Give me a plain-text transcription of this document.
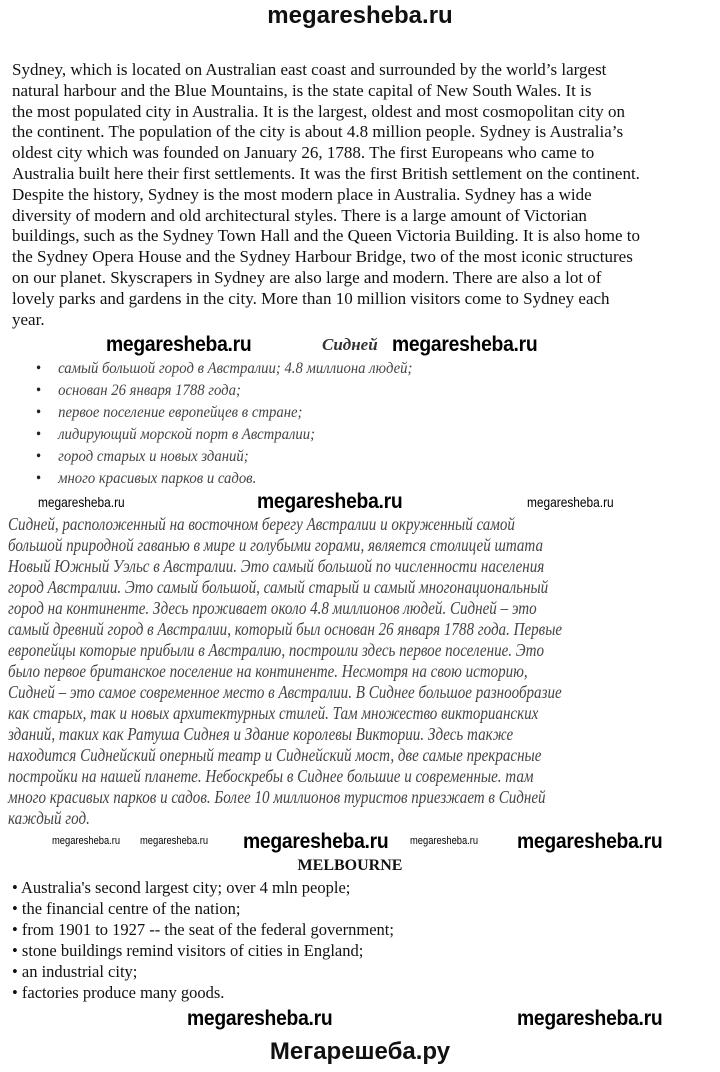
megaresheba.ru
Sydney, which is located on Australian east coast and surrounded by the world’s largest
natural harbour and the Blue Mountains, is the state capital of New South Wales. It is
the most populated city in Australia. It is the largest, oldest and most cosmopolitan city on
the continent. The population of the city is about 4.8 million people. Sydney is Australia’s
oldest city which was founded on January 26, 1788. The first Europeans who came to
Australia built here their first settlements. It was the first British settlement on the continent.
Despite the history, Sydney is the most modern place in Australia. Sydney has a wide
diversity of modern and old architectural styles. There is a large amount of Victorian
buildings, such as the Sydney Town Hall and the Queen Victoria Building. It is also home to
the Sydney Opera House and the Sydney Harbour Bridge, two of the most iconic structures
on our planet. Skyscrapers in Sydney are also large and modern. There are also a lot of
lovely parks and gardens in the city. More than 10 million visitors come to Sydney each
year.
megaresheba.ru	Сидней megaresheba.ru
• самый большой город в Австралии; 4.8 миллиона людей;
• основан 26 января 1788 года;
• первое поселение европейцев в стране;
• лидирующий морской порт в Австралии;
• город старых и новых зданий;
• много красивых парков и садов.
megaresheba.ru	megaresheba.ru	megaresheba.ru
Сидней, расположенный на восточном берегу Австралии и окруженный самой
большой природной гаванью в мире и голубыми горами, является столицей штата
Новый Южный Уэльс в Австралии. Это самый большой по численности населения
город Австралии. Это самый большой, самый старый и самый многонациональный
город на континенте. Здесь проживает около 4.8 миллионов людей. Сидней – это
самый древний город в Австралии, который был основан 26 января 1788 года. Первые
европейцы которые прибыли в Австралию, построили здесь первое поселение. Это
было первое британское поселение на континенте. Несмотря на свою историю,
Сидней – это самое современное место в Австралии. В Сиднее большое разнообразие
как старых, так и новых архитектурных стилей. Там множество викторианских
зданий, таких как Ратуша Сиднея и Здание королевы Виктории. Здесь также
находится Сиднейский оперный театр и Сиднейский мост, две самые прекрасные
постройки на нашей планете. Небоскребы в Сиднее большие и современные. там
много красивых парков и садов. Более 10 миллионов туристов приезжает в Сидней
каждый год.
megaresheba.ru megaresheba.ru megaresheba.ru megaresheba.ru megaresheba.ru
MELBOURNE
• Australia's second largest city; over 4 mln people;
• the financial centre of the nation;
• from 1901 to 1927 -- the seat of the federal government;
• stone buildings remind visitors of cities in England;
• an industrial city;
• factories produce many goods.
megaresheba.ru	megaresheba.ru
Мегарешеба.ру
